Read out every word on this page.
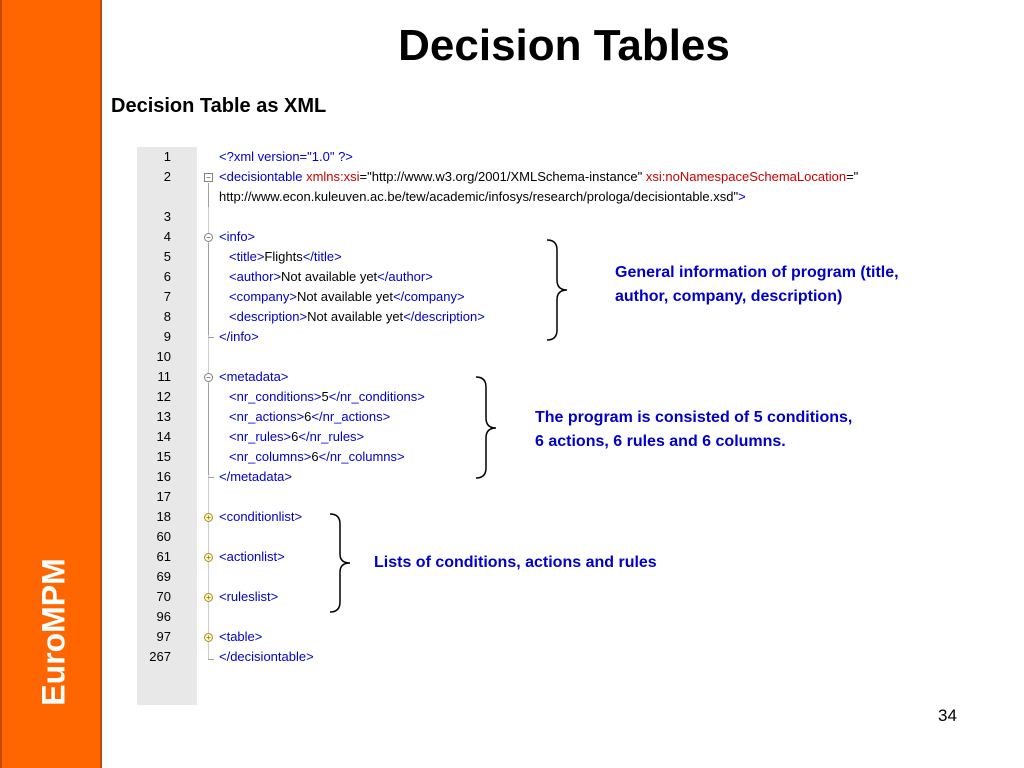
EuroMPM
Decision Tables
Decision Table as XML
1
2
3
4
5
6
7
8
9
10
11
12
13
14
15
16
17
18
60
61
69
70
96
97
267
−
−
−
+
+
+
+
<?xml version="1.0" ?>
<decisiontable xmlns:xsi="http://www.w3.org/2001/XMLSchema-instance" xsi:noNamespaceSchemaLocation="
http://www.econ.kuleuven.ac.be/tew/academic/infosys/research/prologa/decisiontable.xsd">
<info>
<title>Flights</title>
<author>Not available yet</author>
<company>Not available yet</company>
<description>Not available yet</description>
</info>
<metadata>
<nr_conditions>5</nr_conditions>
<nr_actions>6</nr_actions>
<nr_rules>6</nr_rules>
<nr_columns>6</nr_columns>
</metadata>
<conditionlist>
<actionlist>
<ruleslist>
<table>
</decisiontable>
General information of program (title,
author, company, description)
The program is consisted of 5 conditions,
6 actions, 6 rules and 6 columns.
Lists of conditions, actions and rules
34
